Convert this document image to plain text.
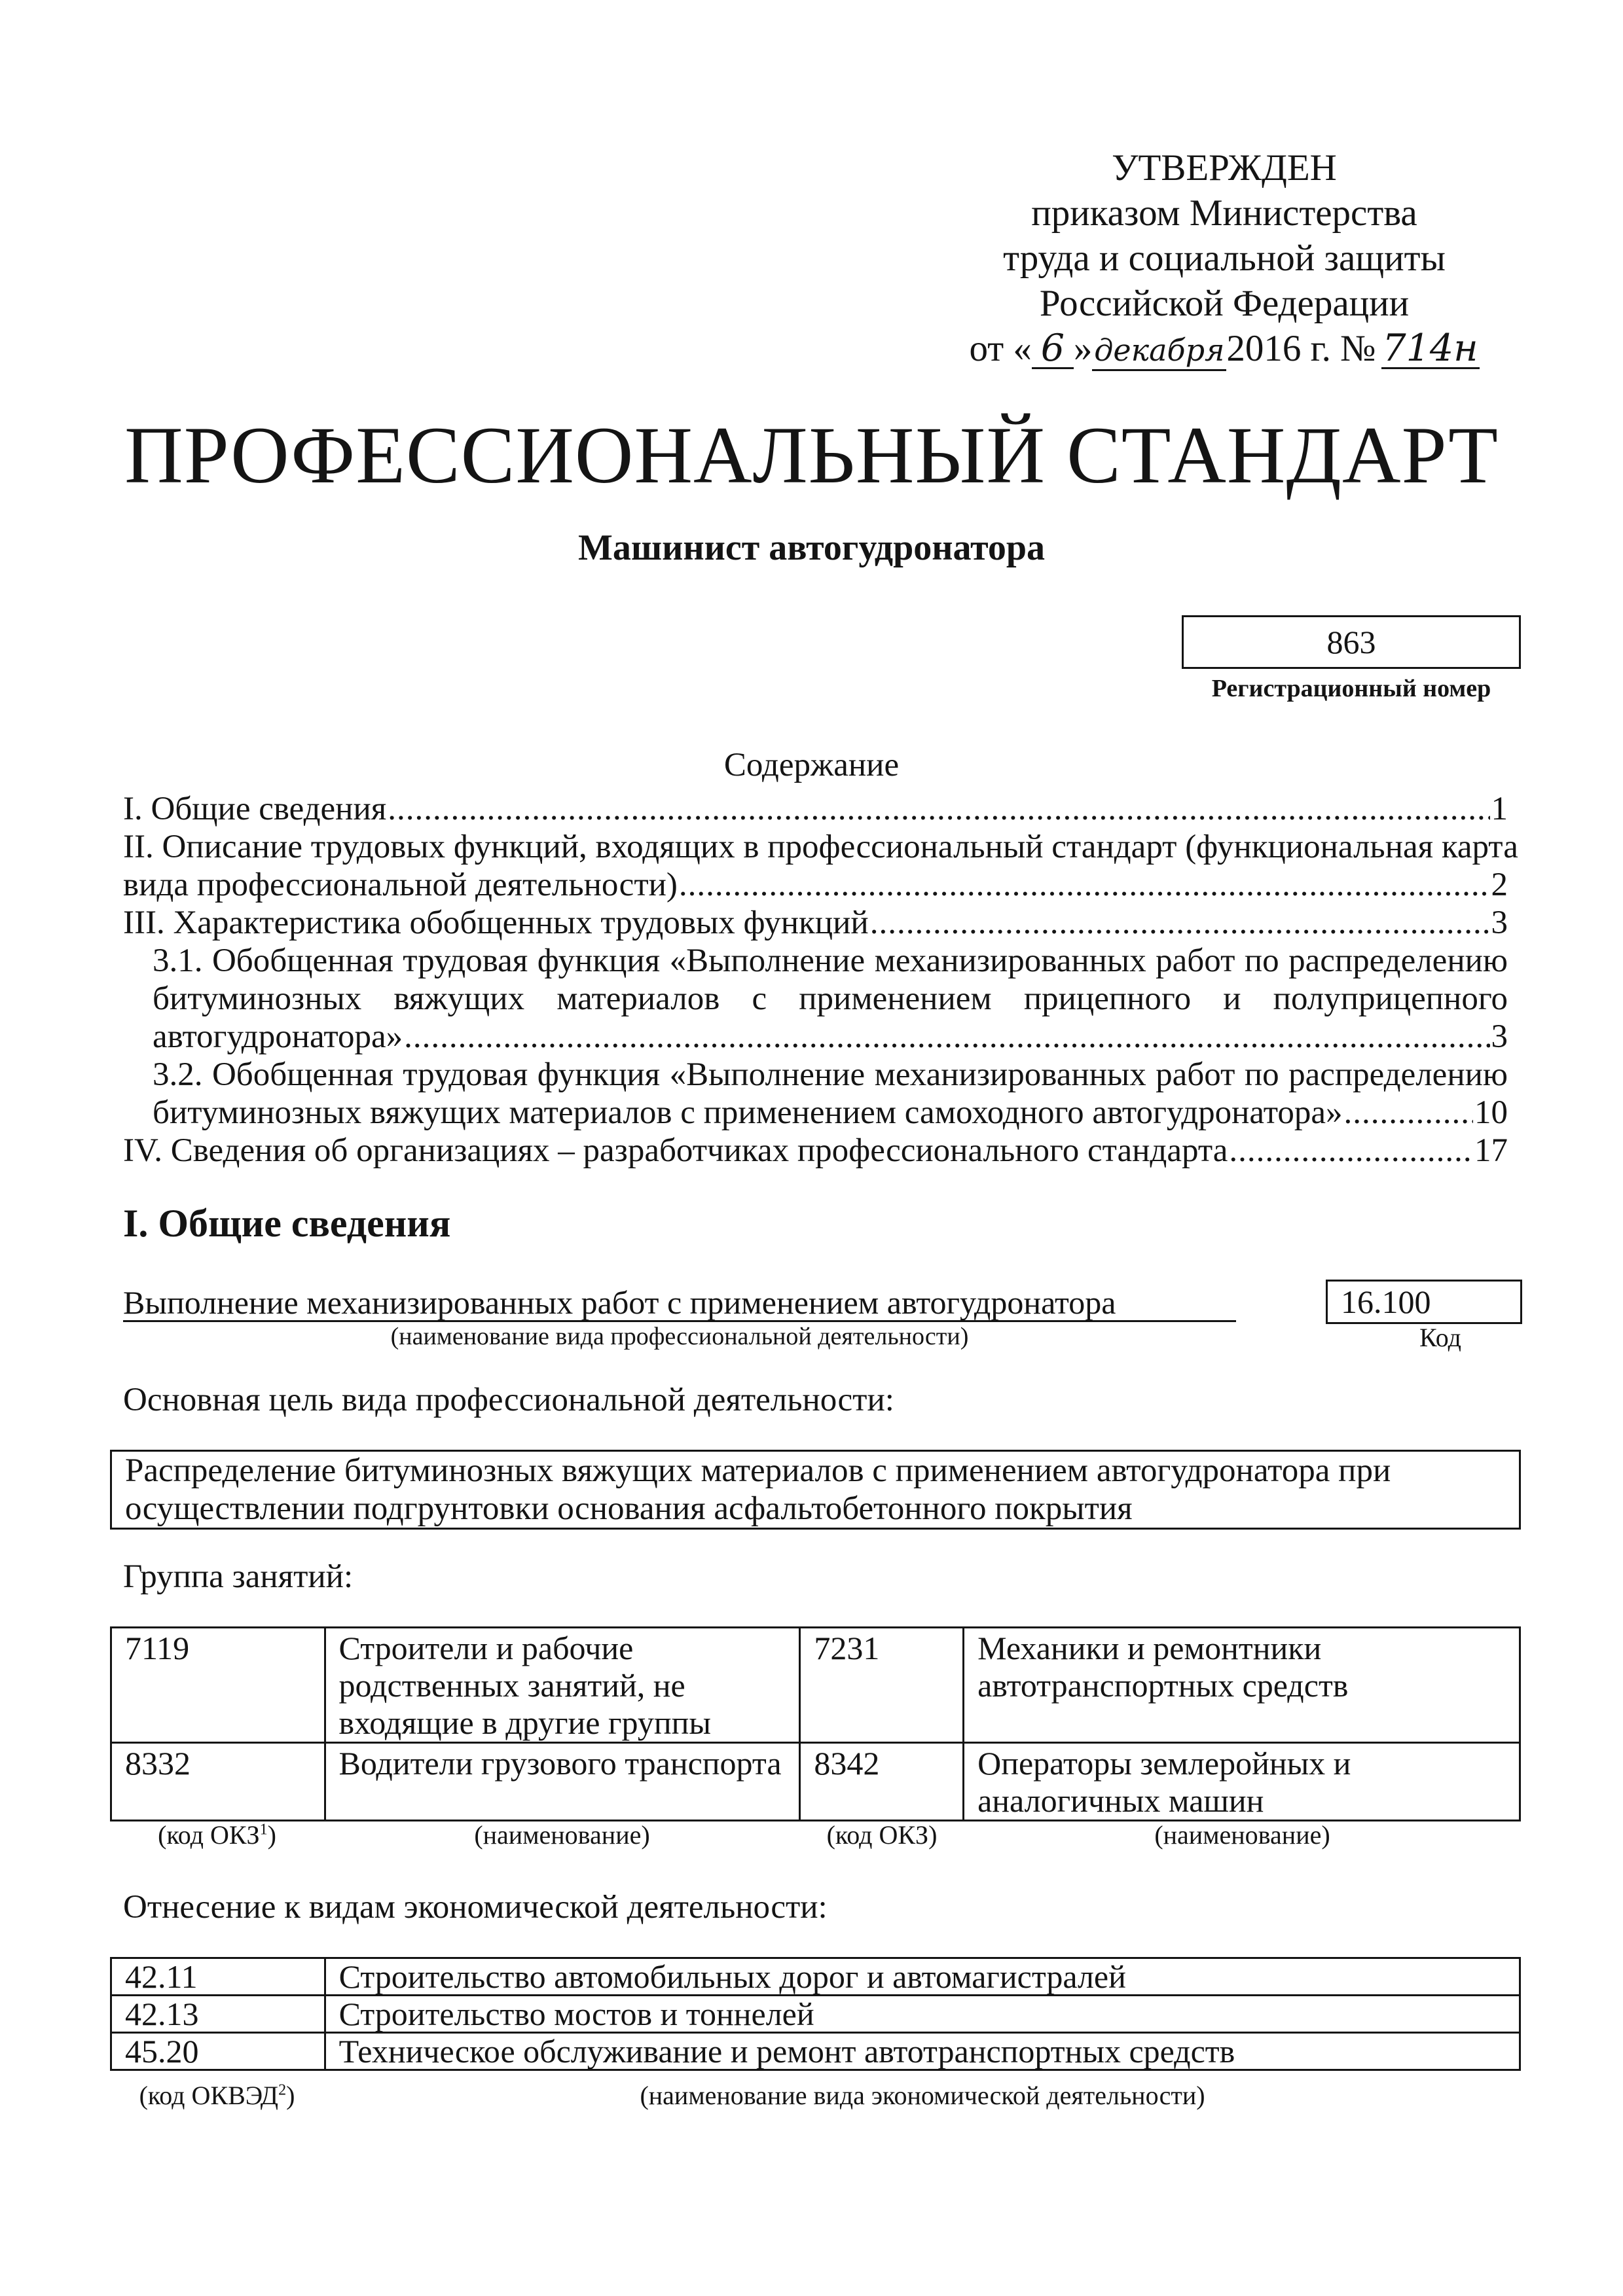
УТВЕРЖДЕН
приказом Министерства
труда и социальной защиты
Российской Федерации
от « 6 » декабря 2016 г. № 714н
ПРОФЕССИОНАЛЬНЫЙ СТАНДАРТ
Машинист автогудронатора
863
Регистрационный номер
Содержание
I. Общие сведения .....	1
II. Описание трудовых функций, входящих в профессиональный стандарт (функциональная карта
вида профессиональной деятельности) .....	2
III. Характеристика обобщенных трудовых функций .....	3
3.1. Обобщенная трудовая функция «Выполнение механизированных работ по распределению
битуминозных вяжущих материалов с применением прицепного и полуприцепного
автогудронатора» .....	3
3.2. Обобщенная трудовая функция «Выполнение механизированных работ по распределению
битуминозных вяжущих материалов с применением самоходного автогудронатора» .....	10
IV. Сведения об организациях – разработчиках профессионального стандарта .....	17
I. Общие сведения
Выполнение механизированных работ с применением автогудронатора
(наименование вида профессиональной деятельности)
16.100
Код
Основная цель вида профессиональной деятельности:
Распределение битуминозных вяжущих материалов с применением автогудронатора при
осуществлении подгрунтовки основания асфальтобетонного покрытия
Группа занятий:
7119	Строители и рабочие родственных занятий, не входящие в другие группы	7231	Механики и ремонтники автотранспортных средств
8332	Водители грузового транспорта	8342	Операторы землеройных и аналогичных машин
(код ОКЗ$^1$)	(наименование)	(код ОКЗ)	(наименование)
Отнесение к видам экономической деятельности:
42.11	Строительство автомобильных дорог и автомагистралей
42.13	Строительство мостов и тоннелей
45.20	Техническое обслуживание и ремонт автотранспортных средств
(код ОКВЭД$^2$)	(наименование вида экономической деятельности)
